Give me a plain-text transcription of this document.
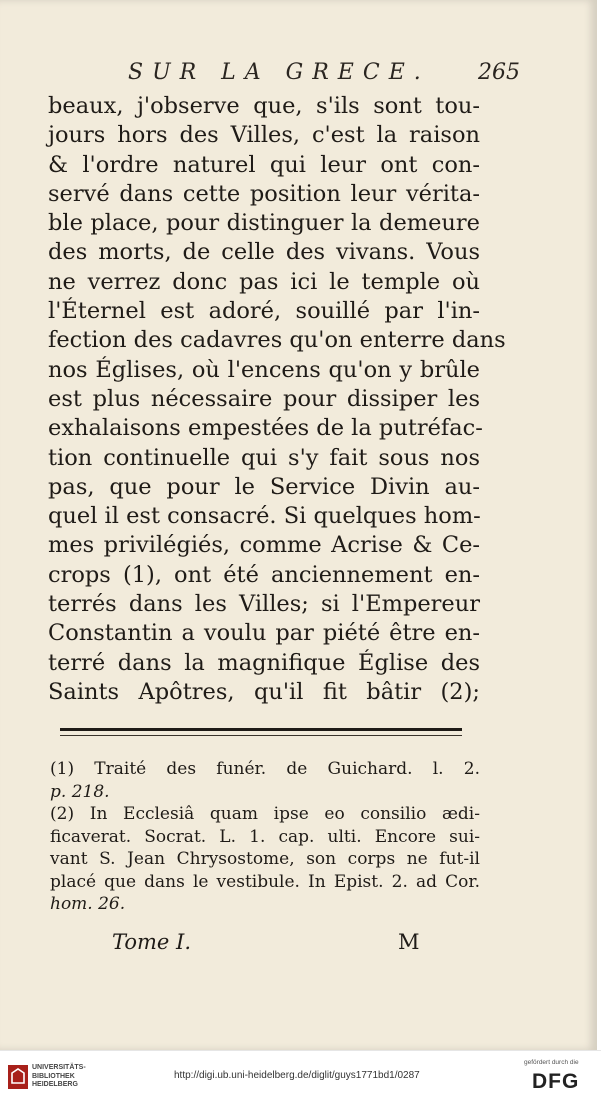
SUR LA GRECE. 265
beaux, j'observe que, s'ils sont tou-
jours hors des Villes, c'est la raison
& l'ordre naturel qui leur ont con-
servé dans cette position leur vérita-
ble place, pour distinguer la demeure
des morts, de celle des vivans. Vous
ne verrez donc pas ici le temple où
l'Éternel est adoré, souillé par l'in-
fection des cadavres qu'on enterre dans
nos Églises, où l'encens qu'on y brûle
est plus nécessaire pour dissiper les
exhalaisons empestées de la putréfac-
tion continuelle qui s'y fait sous nos
pas, que pour le Service Divin au-
quel il est consacré. Si quelques hom-
mes privilégiés, comme Acrise & Ce-
crops (1), ont été anciennement en-
terrés dans les Villes; si l'Empereur
Constantin a voulu par piété être en-
terré dans la magnifique Église des
Saints Apôtres, qu'il fit bâtir (2);
(1) Traité des funér. de Guichard. l. 2.
p. 218.
(2) In Ecclesiâ quam ipse eo consilio ædi-
ficaverat. Socrat. L. 1. cap. ulti. Encore sui-
vant S. Jean Chrysostome, son corps ne fut-il
placé que dans le vestibule. In Epist. 2. ad Cor.
hom. 26.
Tome I.	M
UNIVERSITÄTS-
BIBLIOTHEK
HEIDELBERG
http://digi.ub.uni-heidelberg.de/diglit/guys1771bd1/0287
gefördert durch die
DFG
